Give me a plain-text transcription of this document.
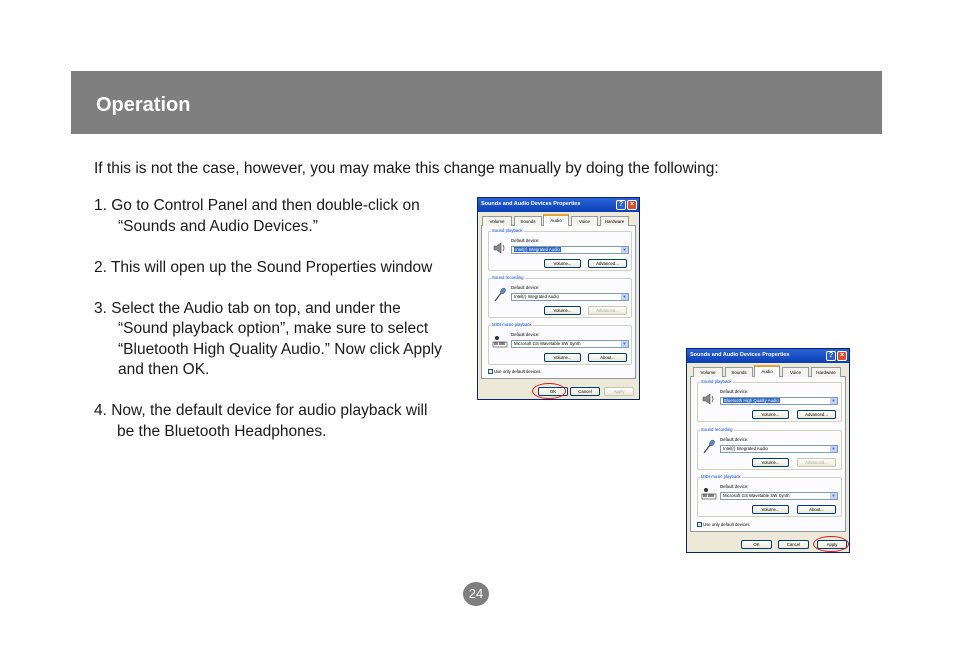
Operation
If this is not the case, however, you may make this change manually by doing the following:
1. Go to Control Panel and then double-click on
“Sounds and Audio Devices.”
2. This will open up the Sound Properties window
3. Select the Audio tab on top, and under the
“Sound playback option”, make sure to select “Bluetooth High Quality Audio.” Now click Apply and then OK.
4. Now, the default device for audio playback will
be the Bluetooth Headphones.
Sounds and Audio Devices Properties	? ×
Volume	Sounds	Audio	Voice	Hardware
Sound playback
Default device:
Intel(r) Integrated Audio	▼
Volume...	Advanced...
Sound recording
Default device:
Intel(r) Integrated Audio	▼
Volume...	Advanced...
MIDI music playback
Default device:
Microsoft GS Wavetable SW Synth	▼
Volume...	About...
✓ Use only default devices
OK	Cancel	Apply
Sounds and Audio Devices Properties	? ×
Volume	Sounds	Audio	Voice	Hardware
Sound playback
Default device:
Bluetooth High Quality Audio	▼
Volume...	Advanced...
Sound recording
Default device:
Intel(r) Integrated Audio	▼
Volume...	Advanced...
MIDI music playback
Default device:
Microsoft GS Wavetable SW Synth	▼
Volume...	About...
✓ Use only default devices
OK	Cancel	Apply
24
